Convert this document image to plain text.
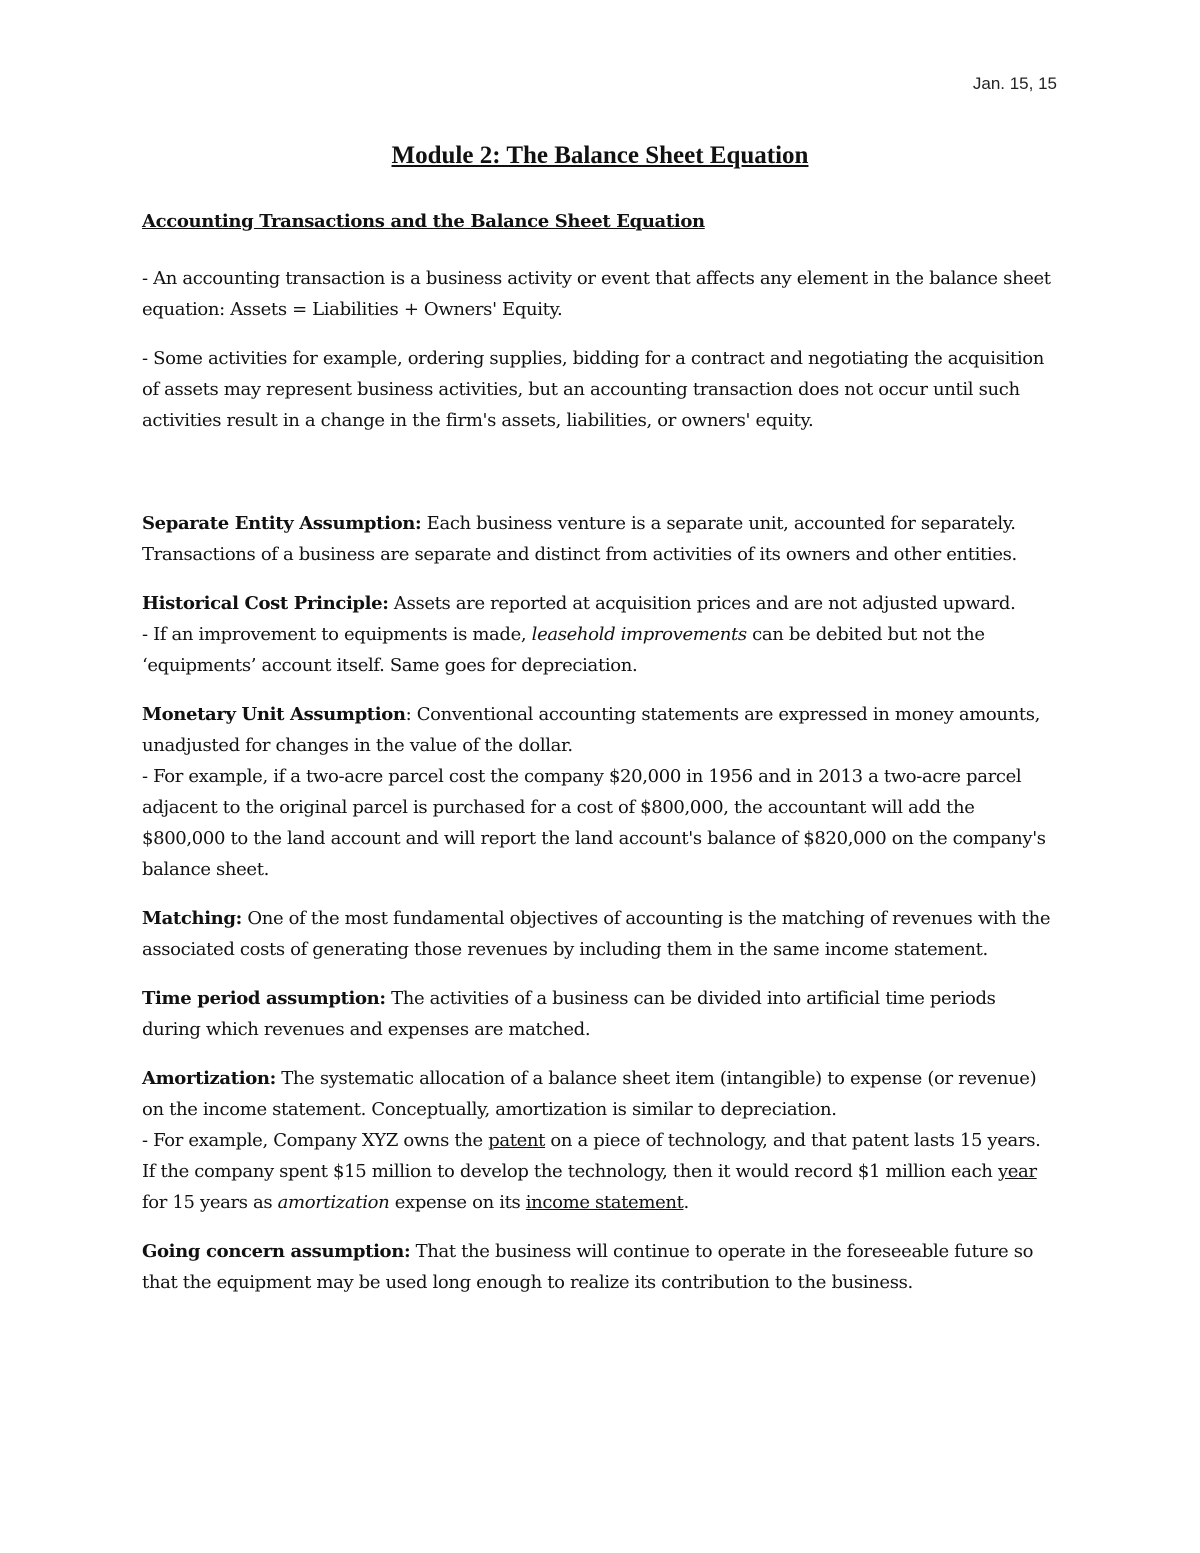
Jan. 15, 15
Module 2: The Balance Sheet Equation
Accounting Transactions and the Balance Sheet Equation

- An accounting transaction is a business activity or event that affects any element in the balance sheet equation: Assets = Liabilities + Owners' Equity.

- Some activities for example, ordering supplies, bidding for a contract and negotiating the acquisition of assets may represent business activities, but an accounting transaction does not occur until such activities result in a change in the firm's assets, liabilities, or owners' equity.

Separate Entity Assumption: Each business venture is a separate unit, accounted for separately. Transactions of a business are separate and distinct from activities of its owners and other entities.

Historical Cost Principle: Assets are reported at acquisition prices and are not adjusted upward.
- If an improvement to equipments is made, leasehold improvements can be debited but not the ‘equipments’ account itself. Same goes for depreciation.

Monetary Unit Assumption: Conventional accounting statements are expressed in money amounts, unadjusted for changes in the value of the dollar.
- For example, if a two-acre parcel cost the company $20,000 in 1956 and in 2013 a two-acre parcel adjacent to the original parcel is purchased for a cost of $800,000, the accountant will add the $800,000 to the land account and will report the land account's balance of $820,000 on the company's balance sheet.

Matching: One of the most fundamental objectives of accounting is the matching of revenues with the associated costs of generating those revenues by including them in the same income statement.

Time period assumption: The activities of a business can be divided into artificial time periods during which revenues and expenses are matched.

Amortization: The systematic allocation of a balance sheet item (intangible) to expense (or revenue) on the income statement. Conceptually, amortization is similar to depreciation.
- For example, Company XYZ owns the patent on a piece of technology, and that patent lasts 15 years. If the company spent $15 million to develop the technology, then it would record $1 million each year for 15 years as amortization expense on its income statement.

Going concern assumption: That the business will continue to operate in the foreseeable future so that the equipment may be used long enough to realize its contribution to the business.
